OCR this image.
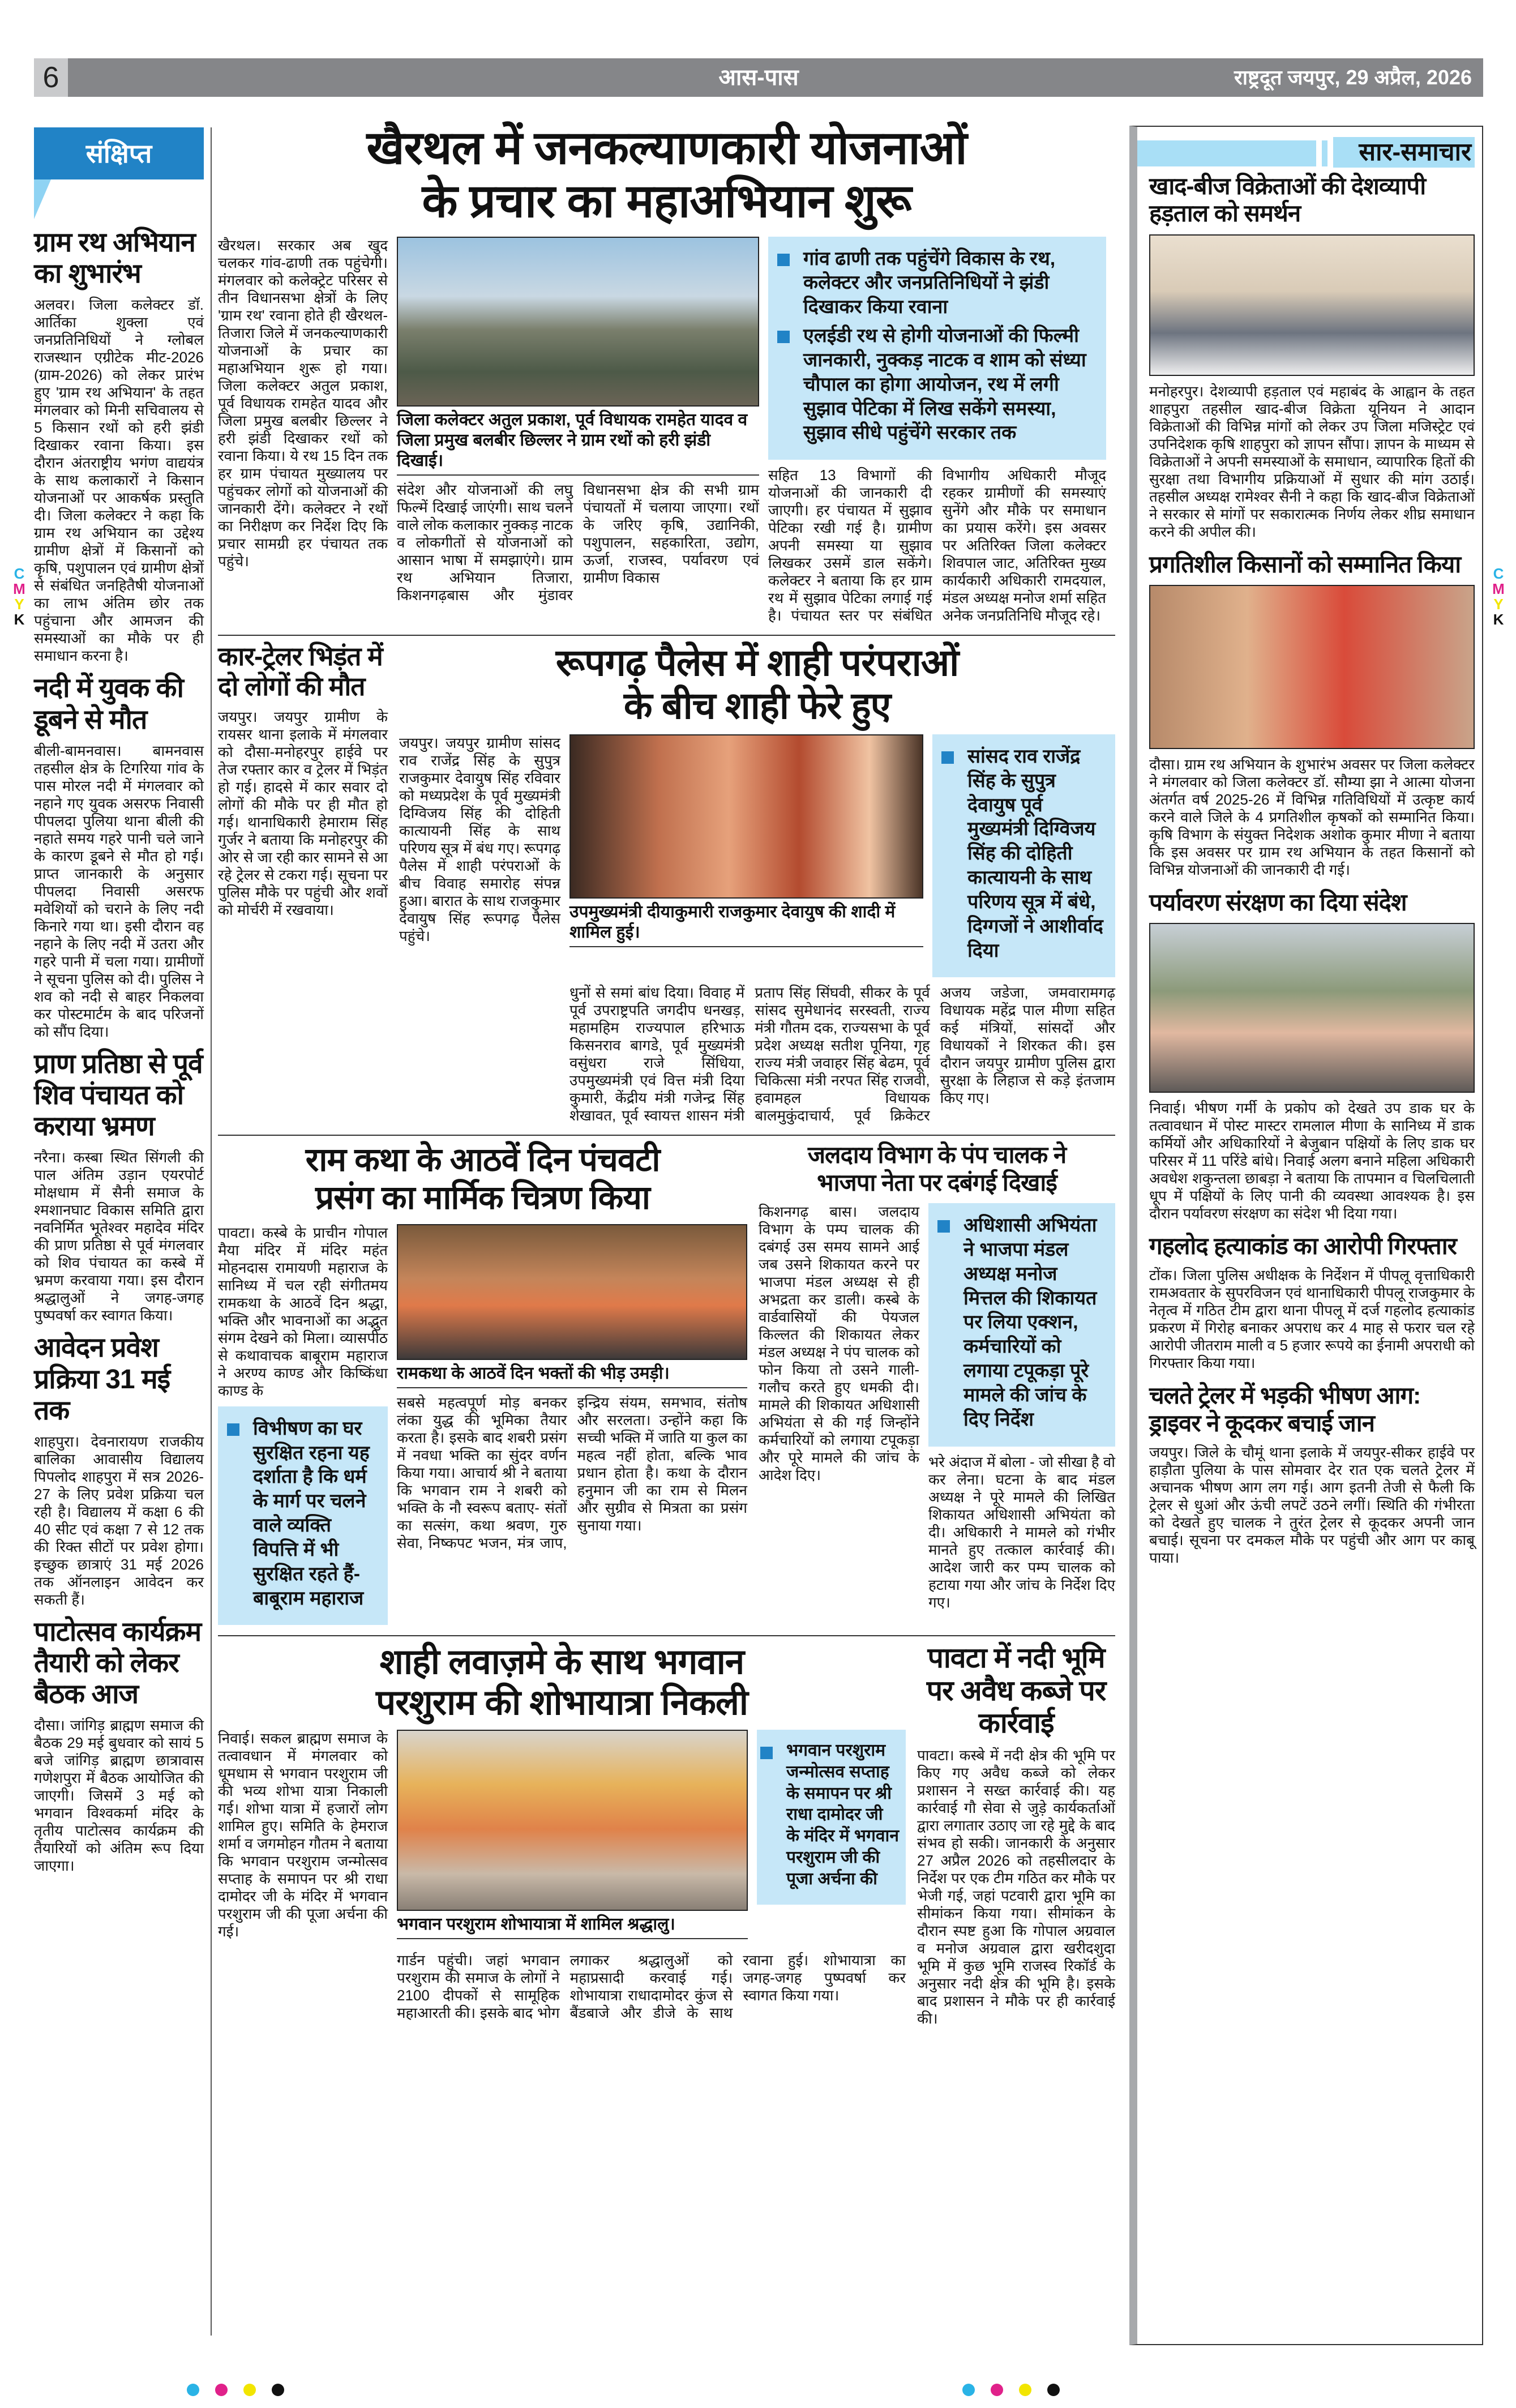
6	आस-पास	राष्ट्रदूत जयपुर, 29 अप्रैल, 2026
संक्षिप्त
ग्राम रथ अभियान का शुभारंभ
अलवर। जिला कलेक्टर डॉ. आर्तिका शुक्ला एवं जनप्रतिनिधियों ने ग्लोबल राजस्थान एग्रीटेक मीट-2026 (ग्राम-2026) को लेकर प्रारंभ हुए 'ग्राम रथ अभियान' के तहत मंगलवार को मिनी सचिवालय से 5 किसान रथों को हरी झंडी दिखाकर रवाना किया। इस दौरान अंतराष्ट्रीय भगंण वाद्ययंत्र के साथ कलाकारों ने किसान योजनाओं पर आकर्षक प्रस्तुति दी। जिला कलेक्टर ने कहा कि ग्राम रथ अभियान का उद्देश्य ग्रामीण क्षेत्रों में किसानों को कृषि, पशुपालन एवं ग्रामीण क्षेत्रों से संबंधित जनहितैषी योजनाओं का लाभ अंतिम छोर तक पहुंचाना और आमजन की समस्याओं का मौके पर ही समाधान करना है।
नदी में युवक की डूबने से मौत
बीली-बामनवास। बामनवास तहसील क्षेत्र के टिगरिया गांव के पास मोरल नदी में मंगलवार को नहाने गए युवक असरफ निवासी पीपलदा पुलिया थाना बीली की नहाते समय गहरे पानी चले जाने के कारण डूबने से मौत हो गई। प्राप्त जानकारी के अनुसार पीपलदा निवासी असरफ मवेशियों को चराने के लिए नदी किनारे गया था। इसी दौरान वह नहाने के लिए नदी में उतरा और गहरे पानी में चला गया। ग्रामीणों ने सूचना पुलिस को दी। पुलिस ने शव को नदी से बाहर निकलवा कर पोस्टमार्टम के बाद परिजनों को सौंप दिया।
प्राण प्रतिष्ठा से पूर्व शिव पंचायत को कराया भ्रमण
नरैना। कस्बा स्थित सिंगली की पाल अंतिम उड़ान एयरपोर्ट मोक्षधाम में सैनी समाज के श्मशानघाट विकास समिति द्वारा नवनिर्मित भूतेश्वर महादेव मंदिर की प्राण प्रतिष्ठा से पूर्व मंगलवार को शिव पंचायत का कस्बे में भ्रमण करवाया गया। इस दौरान श्रद्धालुओं ने जगह-जगह पुष्पवर्षा कर स्वागत किया।
आवेदन प्रवेश प्रक्रिया 31 मई तक
शाहपुरा। देवनारायण राजकीय बालिका आवासीय विद्यालय पिपलोद शाहपुरा में सत्र 2026-27 के लिए प्रवेश प्रक्रिया चल रही है। विद्यालय में कक्षा 6 की 40 सीट एवं कक्षा 7 से 12 तक की रिक्त सीटों पर प्रवेश होगा। इच्छुक छात्राएं 31 मई 2026 तक ऑनलाइन आवेदन कर सकती हैं।
पाटोत्सव कार्यक्रम तैयारी को लेकर बैठक आज
दौसा। जांगिड़ ब्राह्मण समाज की बैठक 29 मई बुधवार को सायं 5 बजे जांगिड़ ब्राह्मण छात्रावास गणेशपुरा में बैठक आयोजित की जाएगी। जिसमें 3 मई को भगवान विश्वकर्मा मंदिर के तृतीय पाटोत्सव कार्यक्रम की तैयारियों को अंतिम रूप दिया जाएगा।
खैरथल में जनकल्याणकारी योजनाओं
के प्रचार का महाअभियान शुरू
खैरथल। सरकार अब खुद चलकर गांव-ढाणी तक पहुंचेगी। मंगलवार को कलेक्ट्रेट परिसर से तीन विधानसभा क्षेत्रों के लिए 'ग्राम रथ' रवाना होते ही खैरथल-तिजारा जिले में जनकल्याणकारी योजनाओं के प्रचार का महाअभियान शुरू हो गया। जिला कलेक्टर अतुल प्रकाश, पूर्व विधायक रामहेत यादव और जिला प्रमुख बलबीर छिल्लर ने हरी झंडी दिखाकर रथों को रवाना किया। ये रथ 15 दिन तक हर ग्राम पंचायत मुख्यालय पर पहुंचकर लोगों को योजनाओं की जानकारी देंगे। कलेक्टर ने रथों का निरीक्षण कर निर्देश दिए कि प्रचार सामग्री हर पंचायत तक पहुंचे।
जिला कलेक्टर अतुल प्रकाश, पूर्व विधायक रामहेत यादव व जिला प्रमुख बलबीर छिल्लर ने ग्राम रथों को हरी झंडी दिखाई।
संदेश और योजनाओं की लघु फिल्में दिखाई जाएंगी। साथ चलने वाले लोक कलाकार नुक्कड़ नाटक व लोकगीतों से योजनाओं को आसान भाषा में समझाएंगे। ग्राम रथ अभियान तिजारा, किशनगढ़बास और मुंडावर विधानसभा क्षेत्र की सभी ग्राम पंचायतों में चलाया जाएगा। रथों के जरिए कृषि, उद्यानिकी, पशुपालन, सहकारिता, उद्योग, ऊर्जा, राजस्व, पर्यावरण एवं ग्रामीण विकास
गांव ढाणी तक पहुंचेंगे विकास के रथ, कलेक्टर और जनप्रतिनिधियों ने झंडी दिखाकर किया रवाना
एलईडी रथ से होगी योजनाओं की फिल्मी जानकारी, नुक्कड़ नाटक व शाम को संध्या चौपाल का होगा आयोजन, रथ में लगी सुझाव पेटिका में लिख सकेंगे समस्या, सुझाव सीधे पहुंचेंगे सरकार तक
सहित 13 विभागों की योजनाओं की जानकारी दी जाएगी। हर पंचायत में सुझाव पेटिका रखी गई है। ग्रामीण अपनी समस्या या सुझाव लिखकर उसमें डाल सकेंगे। कलेक्टर ने बताया कि हर ग्राम रथ में सुझाव पेटिका लगाई गई है। पंचायत स्तर पर संबंधित विभागीय अधिकारी मौजूद रहकर ग्रामीणों की समस्याएं सुनेंगे और मौके पर समाधान का प्रयास करेंगे। इस अवसर पर अतिरिक्त जिला कलेक्टर शिवपाल जाट, अतिरिक्त मुख्य कार्यकारी अधिकारी रामदयाल, मंडल अध्यक्ष मनोज शर्मा सहित अनेक जनप्रतिनिधि मौजूद रहे।
कार-ट्रेलर भिड़ंत में दो लोगों की मौत
जयपुर। जयपुर ग्रामीण के रायसर थाना इलाके में मंगलवार को दौसा-मनोहरपुर हाईवे पर तेज रफ्तार कार व ट्रेलर में भिड़ंत हो गई। हादसे में कार सवार दो लोगों की मौके पर ही मौत हो गई। थानाधिकारी हेमाराम सिंह गुर्जर ने बताया कि मनोहरपुर की ओर से जा रही कार सामने से आ रहे ट्रेलर से टकरा गई। सूचना पर पुलिस मौके पर पहुंची और शवों को मोर्चरी में रखवाया।
रूपगढ़ पैलेस में शाही परंपराओं
के बीच शाही फेरे हुए
जयपुर। जयपुर ग्रामीण सांसद राव राजेंद्र सिंह के सुपुत्र राजकुमार देवायुष सिंह रविवार को मध्यप्रदेश के पूर्व मुख्यमंत्री दिग्विजय सिंह की दोहिती कात्यायनी सिंह के साथ परिणय सूत्र में बंध गए। रूपगढ़ पैलेस में शाही परंपराओं के बीच विवाह समारोह संपन्न हुआ। बारात के साथ राजकुमार देवायुष सिंह रूपगढ़ पैलेस पहुंचे।
उपमुख्यमंत्री दीयाकुमारी राजकुमार देवायुष की शादी में शामिल हुई।
सांसद राव राजेंद्र सिंह के सुपुत्र देवायुष पूर्व मुख्यमंत्री दिग्विजय सिंह की दोहिती कात्यायनी के साथ परिणय सूत्र में बंधे, दिग्गजों ने आशीर्वाद दिया
धुनों से समां बांध दिया। विवाह में पूर्व उपराष्ट्रपति जगदीप धनखड़, महामहिम राज्यपाल हरिभाऊ किसनराव बागडे, पूर्व मुख्यमंत्री वसुंधरा राजे सिंधिया, उपमुख्यमंत्री एवं वित्त मंत्री दिया कुमारी, केंद्रीय मंत्री गजेन्द्र सिंह शेखावत, पूर्व स्वायत्त शासन मंत्री प्रताप सिंह सिंघवी, सीकर के पूर्व सांसद सुमेधानंद सरस्वती, राज्य मंत्री गौतम दक, राज्यसभा के पूर्व प्रदेश अध्यक्ष सतीश पूनिया, गृह राज्य मंत्री जवाहर सिंह बेढम, पूर्व चिकित्सा मंत्री नरपत सिंह राजवी, हवामहल विधायक बालमुकुंदाचार्य, पूर्व क्रिकेटर अजय जडेजा, जमवारामगढ़ विधायक महेंद्र पाल मीणा सहित कई मंत्रियों, सांसदों और विधायकों ने शिरकत की। इस दौरान जयपुर ग्रामीण पुलिस द्वारा सुरक्षा के लिहाज से कड़े इंतजाम किए गए।
राम कथा के आठवें दिन पंचवटी
प्रसंग का मार्मिक चित्रण किया
पावटा। कस्बे के प्राचीन गोपाल मैया मंदिर में मंदिर महंत मोहनदास रामायणी महाराज के सानिध्य में चल रही संगीतमय रामकथा के आठवें दिन श्रद्धा, भक्ति और भावनाओं का अद्भुत संगम देखने को मिला। व्यासपीठ से कथावाचक बाबूराम महाराज ने अरण्य काण्ड और किष्किंधा काण्ड के
विभीषण का घर सुरक्षित रहना यह दर्शाता है कि धर्म के मार्ग पर चलने वाले व्यक्ति विपत्ति में भी सुरक्षित रहते हैं- बाबूराम महाराज
रामकथा के आठवें दिन भक्तों की भीड़ उमड़ी।
सबसे महत्वपूर्ण मोड़ बनकर लंका युद्ध की भूमिका तैयार करता है। इसके बाद शबरी प्रसंग में नवधा भक्ति का सुंदर वर्णन किया गया। आचार्य श्री ने बताया कि भगवान राम ने शबरी को भक्ति के नौ स्वरूप बताए- संतों का सत्संग, कथा श्रवण, गुरु सेवा, निष्कपट भजन, मंत्र जाप, इन्द्रिय संयम, समभाव, संतोष और सरलता। उन्होंने कहा कि सच्ची भक्ति में जाति या कुल का महत्व नहीं होता, बल्कि भाव प्रधान होता है। कथा के दौरान हनुमान जी का राम से मिलन और सुग्रीव से मित्रता का प्रसंग सुनाया गया।
जलदाय विभाग के पंप चालक ने
भाजपा नेता पर दबंगई दिखाई
किशनगढ़ बास। जलदाय विभाग के पम्प चालक की दबंगई उस समय सामने आई जब उसने शिकायत करने पर भाजपा मंडल अध्यक्ष से ही अभद्रता कर डाली। कस्बे के वार्डवासियों की पेयजल किल्लत की शिकायत लेकर मंडल अध्यक्ष ने पंप चालक को फोन किया तो उसने गाली-गलौच करते हुए धमकी दी। मामले की शिकायत अधिशासी अभियंता से की गई जिन्होंने कर्मचारियों को लगाया टपूकड़ा और पूरे मामले की जांच के आदेश दिए।
अधिशासी अभियंता ने भाजपा मंडल अध्यक्ष मनोज मित्तल की शिकायत पर लिया एक्शन, कर्मचारियों को लगाया टपूकड़ा पूरे मामले की जांच के दिए निर्देश
भरे अंदाज में बोला - जो सीखा है वो कर लेना। घटना के बाद मंडल अध्यक्ष ने पूरे मामले की लिखित शिकायत अधिशासी अभियंता को दी। अधिकारी ने मामले को गंभीर मानते हुए तत्काल कार्रवाई की। आदेश जारी कर पम्प चालक को हटाया गया और जांच के निर्देश दिए गए।
शाही लवाज़मे के साथ भगवान
परशुराम की शोभायात्रा निकली
निवाई। सकल ब्राह्मण समाज के तत्वावधान में मंगलवार को धूमधाम से भगवान परशुराम जी की भव्य शोभा यात्रा निकाली गई। शोभा यात्रा में हजारों लोग शामिल हुए। समिति के हेमराज शर्मा व जगमोहन गौतम ने बताया कि भगवान परशुराम जन्मोत्सव सप्ताह के समापन पर श्री राधा दामोदर जी के मंदिर में भगवान परशुराम जी की पूजा अर्चना की गई।	भगवान परशुराम शोभायात्रा में शामिल श्रद्धालु।
भगवान परशुराम जन्मोत्सव सप्ताह के समापन पर श्री राधा दामोदर जी के मंदिर में भगवान परशुराम जी की पूजा अर्चना की
गार्डन पहुंची। जहां भगवान परशुराम की समाज के लोगों ने 2100 दीपकों से सामूहिक महाआरती की। इसके बाद भोग लगाकर श्रद्धालुओं को महाप्रसादी करवाई गई। शोभायात्रा राधादामोदर कुंज से बैंडबाजे और डीजे के साथ रवाना हुई। शोभायात्रा का जगह-जगह पुष्पवर्षा कर स्वागत किया गया।
पावटा में नदी भूमि पर अवैध कब्जे पर कार्रवाई
पावटा। कस्बे में नदी क्षेत्र की भूमि पर किए गए अवैध कब्जे को लेकर प्रशासन ने सख्त कार्रवाई की। यह कार्रवाई गौ सेवा से जुड़े कार्यकर्ताओं द्वारा लगातार उठाए जा रहे मुद्दे के बाद संभव हो सकी। जानकारी के अनुसार 27 अप्रैल 2026 को तहसीलदार के निर्देश पर एक टीम गठित कर मौके पर भेजी गई, जहां पटवारी द्वारा भूमि का सीमांकन किया गया। सीमांकन के दौरान स्पष्ट हुआ कि गोपाल अग्रवाल व मनोज अग्रवाल द्वारा खरीदशुदा भूमि में कुछ भूमि राजस्व रिकॉर्ड के अनुसार नदी क्षेत्र की भूमि है। इसके बाद प्रशासन ने मौके पर ही कार्रवाई की।
सार-समाचार
खाद-बीज विक्रेताओं की देशव्यापी हड़ताल को समर्थन
मनोहरपुर। देशव्यापी हड़ताल एवं महाबंद के आह्वान के तहत शाहपुरा तहसील खाद-बीज विक्रेता यूनियन ने आदान विक्रेताओं की विभिन्न मांगों को लेकर उप जिला मजिस्ट्रेट एवं उपनिदेशक कृषि शाहपुरा को ज्ञापन सौंपा। ज्ञापन के माध्यम से विक्रेताओं ने अपनी समस्याओं के समाधान, व्यापारिक हितों की सुरक्षा तथा विभागीय प्रक्रियाओं में सुधार की मांग उठाई। तहसील अध्यक्ष रामेश्वर सैनी ने कहा कि खाद-बीज विक्रेताओं ने सरकार से मांगों पर सकारात्मक निर्णय लेकर शीघ्र समाधान करने की अपील की।
प्रगतिशील किसानों को सम्मानित किया
दौसा। ग्राम रथ अभियान के शुभारंभ अवसर पर जिला कलेक्टर ने मंगलवार को जिला कलेक्टर डॉ. सौम्या झा ने आत्मा योजना अंतर्गत वर्ष 2025-26 में विभिन्न गतिविधियों में उत्कृष्ट कार्य करने वाले जिले के 4 प्रगतिशील कृषकों को सम्मानित किया। कृषि विभाग के संयुक्त निदेशक अशोक कुमार मीणा ने बताया कि इस अवसर पर ग्राम रथ अभियान के तहत किसानों को विभिन्न योजनाओं की जानकारी दी गई।
पर्यावरण संरक्षण का दिया संदेश
निवाई। भीषण गर्मी के प्रकोप को देखते उप डाक घर के तत्वावधान में पोस्ट मास्टर रामलाल मीणा के सानिध्य में डाक कर्मियों और अधिकारियों ने बेजुबान पक्षियों के लिए डाक घर परिसर में 11 परिंडे बांधे। निवाई अलग बनाने महिला अधिकारी अवधेश शकुन्तला छाबड़ा ने बताया कि तापमान व चिलचिलाती धूप में पक्षियों के लिए पानी की व्यवस्था आवश्यक है। इस दौरान पर्यावरण संरक्षण का संदेश भी दिया गया।
गहलोद हत्याकांड का आरोपी गिरफ्तार
टोंक। जिला पुलिस अधीक्षक के निर्देशन में पीपलू वृत्ताधिकारी रामअवतार के सुपरविजन एवं थानाधिकारी पीपलू राजकुमार के नेतृत्व में गठित टीम द्वारा थाना पीपलू में दर्ज गहलोद हत्याकांड प्रकरण में गिरोह बनाकर अपराध कर 4 माह से फरार चल रहे आरोपी जीतराम माली व 5 हजार रूपये का ईनामी अपराधी को गिरफ्तार किया गया।
चलते ट्रेलर में भड़की भीषण आग: ड्राइवर ने कूदकर बचाई जान
जयपुर। जिले के चौमूं थाना इलाके में जयपुर-सीकर हाईवे पर हाड़ौता पुलिया के पास सोमवार देर रात एक चलते ट्रेलर में अचानक भीषण आग लग गई। आग इतनी तेजी से फैली कि ट्रेलर से धुआं और ऊंची लपटें उठने लगीं। स्थिति की गंभीरता को देखते हुए चालक ने तुरंत ट्रेलर से कूदकर अपनी जान बचाई। सूचना पर दमकल मौके पर पहुंची और आग पर काबू पाया।
C
M
Y
K
C
M
Y
K
